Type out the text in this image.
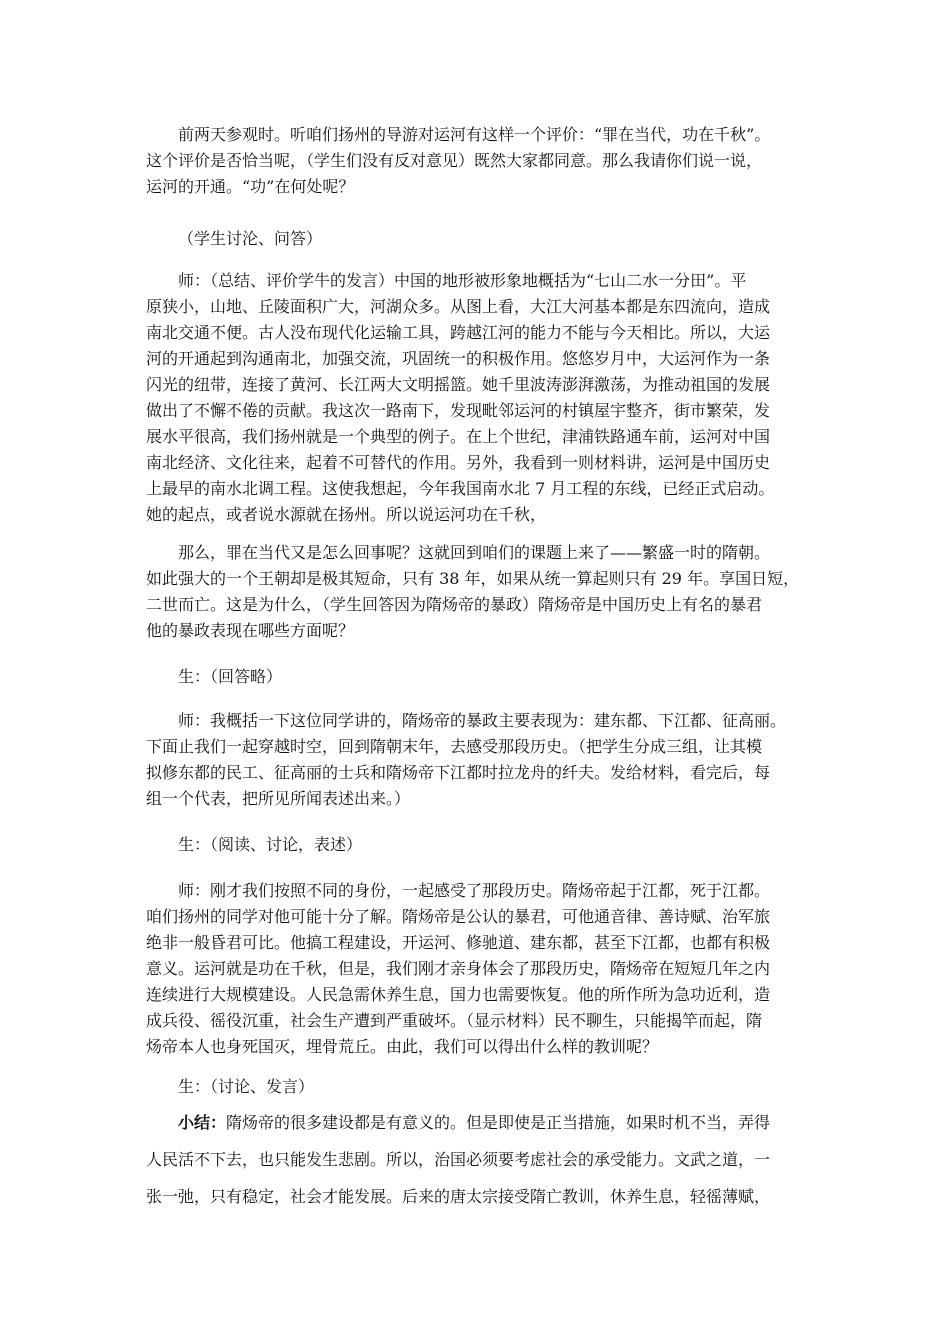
前两天参观时。听咱们扬州的导游对运河有这样一个评价：“罪在当代，功在千秋”。
这个评价是否恰当呢，（学生们没有反对意见）既然大家都同意。那么我请你们说一说，
运河的开通。“功”在何处呢？
（学生讨沦、问答）
师：（总结、评价学牛的发言）中国的地形被形象地概括为“七山二水一分田”。平
原狭小，山地、丘陵面积广大，河湖众多。从图上看，大江大河基本都是东四流向，造成
南北交通不便。古人没布现代化运输工具，跨越江河的能力不能与今天相比。所以，大运
河的开通起到沟通南北，加强交流，巩固统一的积极作用。悠悠岁月中，大运河作为一条
闪光的纽带，连接了黄河、长江两大文明摇篮。她千里波涛澎湃激荡，为推动祖国的发展
做出了不懈不倦的贡献。我这次一路南下，发现毗邻运河的村镇屋宇整齐，街市繁荣，发
展水平很高，我们扬州就是一个典型的例子。在上个世纪，津浦铁路通车前，运河对中国
南北经济、文化往来，起着不可替代的作用。另外，我看到一则材料讲，运河是中国历史
上最早的南水北调工程。这使我想起，今年我国南水北 7 月工程的东线，已经正式启动。
她的起点，或者说水源就在扬州。所以说运河功在千秋，
那么，罪在当代又是怎么回事呢？这就回到咱们的课题上来了——繁盛一时的隋朝。
如此强大的一个王朝却是极其短命，只有 38 年，如果从统一算起则只有 29 年。享国日短，
二世而亡。这是为什么，（学生回答因为隋炀帝的暴政）隋炀帝是中国历史上有名的暴君
他的暴政表现在哪些方面呢？
生：（回答略）
师：我概括一下这位同学讲的，隋炀帝的暴政主要表现为：建东都、下江都、征高丽。
下面止我们一起穿越时空，回到隋朝末年，去感受那段历史。（把学生分成三组，让其模
拟修东都的民工、征高丽的士兵和隋炀帝下江都时拉龙舟的纤夫。发给材料，看完后，每
组一个代表，把所见所闻表述出来。）
生：（阅读、讨论，表述）
师：刚才我们按照不同的身份，一起感受了那段历史。隋炀帝起于江都，死于江都。
咱们扬州的同学对他可能十分了解。隋炀帝是公认的暴君，可他通音律、善诗赋、治军旅
绝非一般昏君可比。他搞工程建设，开运河、修驰道、建东都，甚至下江都，也都有积极
意义。运河就是功在千秋，但是，我们刚才亲身体会了那段历史，隋炀帝在短短几年之内
连续进行大规模建设。人民急需休养生息，国力也需要恢复。他的所作所为急功近利，造
成兵役、徭役沉重，社会生产遭到严重破坏。（显示材料）民不聊生，只能揭竿而起，隋
炀帝本人也身死国灭，埋骨荒丘。由此，我们可以得出什么样的教训呢？
生：（讨论、发言）
小结：隋炀帝的很多建设都是有意义的。但是即使是正当措施，如果时机不当，弄得
人民活不下去，也只能发生悲剧。所以，治国必须要考虑社会的承受能力。文武之道，一
张一弛，只有稳定，社会才能发展。后来的唐太宗接受隋亡教训，休养生息，轻徭薄赋，
